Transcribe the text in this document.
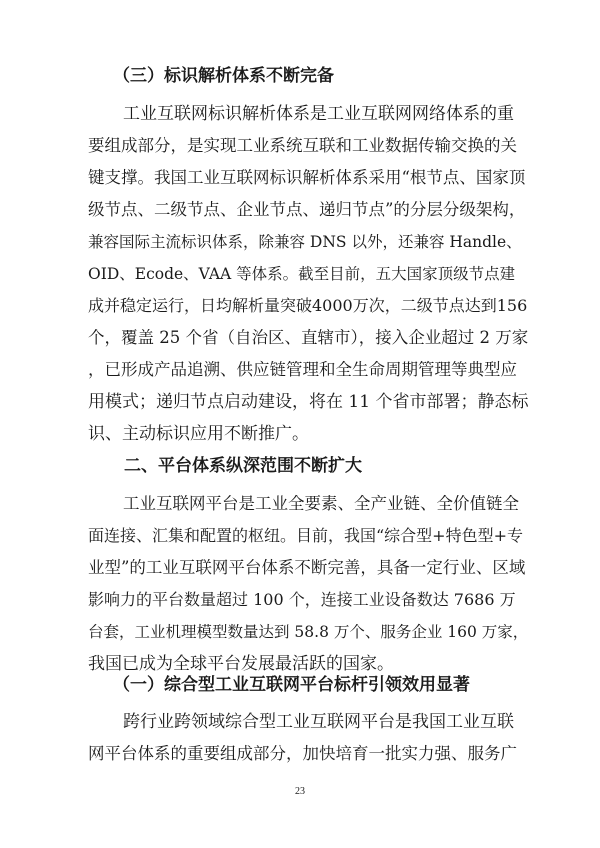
（三）标识解析体系不断完备
工业互联网标识解析体系是工业互联网网络体系的重
要组成部分，是实现工业系统互联和工业数据传输交换的关
键支撑。我国工业互联网标识解析体系采用“根节点、国家顶
级节点、二级节点、企业节点、递归节点”的分层分级架构，
兼容国际主流标识体系，除兼容 DNS 以外，还兼容 Handle、
OID、Ecode、VAA 等体系。截至目前，五大国家顶级节点建
成并稳定运行，日均解析量突破4000万次，二级节点达到156
个，覆盖 25 个省（自治区、直辖市），接入企业超过 2 万家
，已形成产品追溯、供应链管理和全生命周期管理等典型应
用模式；递归节点启动建设，将在 11 个省市部署；静态标
识、主动标识应用不断推广。
二、平台体系纵深范围不断扩大
工业互联网平台是工业全要素、全产业链、全价值链全
面连接、汇集和配置的枢纽。目前，我国“综合型+特色型+专
业型”的工业互联网平台体系不断完善，具备一定行业、区域
影响力的平台数量超过 100 个，连接工业设备数达 7686 万
台套，工业机理模型数量达到 58.8 万个、服务企业 160 万家，
我国已成为全球平台发展最活跃的国家。
（一）综合型工业互联网平台标杆引领效用显著
跨行业跨领域综合型工业互联网平台是我国工业互联
网平台体系的重要组成部分，加快培育一批实力强、服务广
23
